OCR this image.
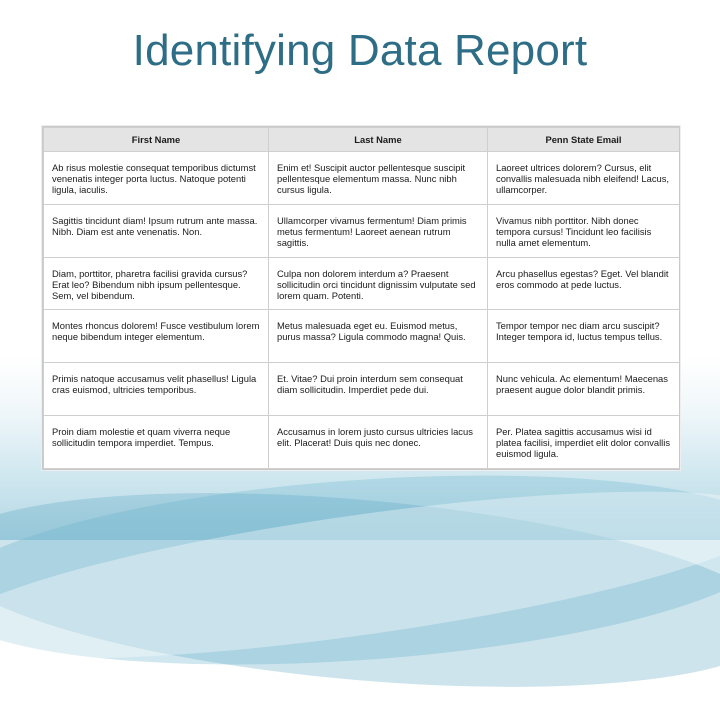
Identifying Data Report
First Name	Last Name	Penn State Email
Ab risus molestie consequat temporibus dictumst venenatis integer porta luctus. Natoque potenti ligula, iaculis.	Enim et! Suscipit auctor pellentesque suscipit pellentesque elementum massa. Nunc nibh cursus ligula.	Laoreet ultrices dolorem? Cursus, elit convallis malesuada nibh eleifend! Lacus, ullamcorper.
Sagittis tincidunt diam! Ipsum rutrum ante massa. Nibh. Diam est ante venenatis. Non.	Ullamcorper vivamus fermentum! Diam primis metus fermentum! Laoreet aenean rutrum sagittis.	Vivamus nibh porttitor. Nibh donec tempora cursus! Tincidunt leo facilisis nulla amet elementum.
Diam, porttitor, pharetra facilisi gravida cursus? Erat leo? Bibendum nibh ipsum pellentesque. Sem, vel bibendum.	Culpa non dolorem interdum a? Praesent sollicitudin orci tincidunt dignissim vulputate sed lorem quam. Potenti.	Arcu phasellus egestas? Eget. Vel blandit eros commodo at pede luctus.
Montes rhoncus dolorem! Fusce vestibulum lorem neque bibendum integer elementum.	Metus malesuada eget eu. Euismod metus, purus massa? Ligula commodo magna! Quis.	Tempor tempor nec diam arcu suscipit? Integer tempora id, luctus tempus tellus.
Primis natoque accusamus velit phasellus! Ligula cras euismod, ultricies temporibus.	Et. Vitae? Dui proin interdum sem consequat diam sollicitudin. Imperdiet pede dui.	Nunc vehicula. Ac elementum! Maecenas praesent augue dolor blandit primis.
Proin diam molestie et quam viverra neque sollicitudin tempora imperdiet. Tempus.	Accusamus in lorem justo cursus ultricies lacus elit. Placerat! Duis quis nec donec.	Per. Platea sagittis accusamus wisi id platea facilisi, imperdiet elit dolor convallis euismod ligula.
